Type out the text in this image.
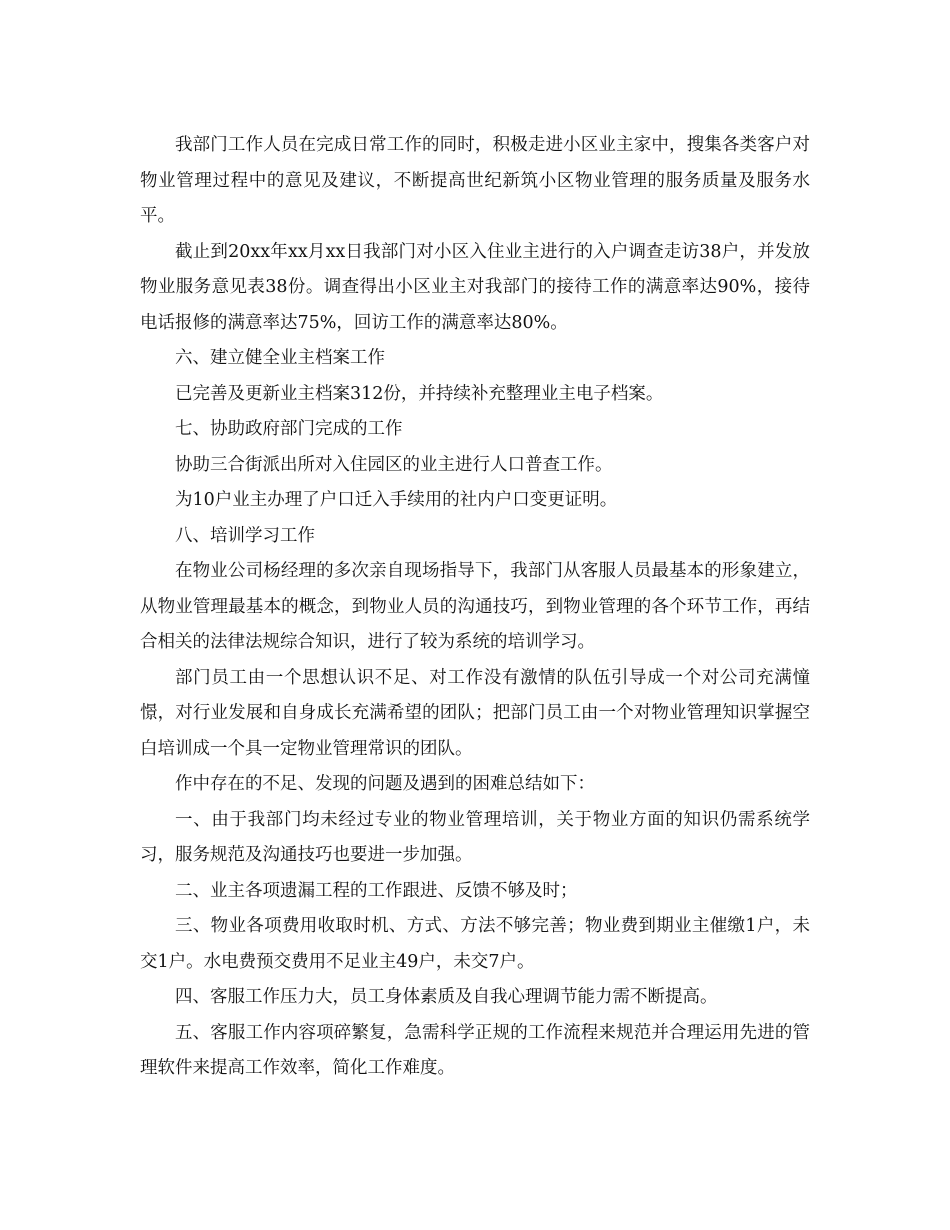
我部门工作人员在完成日常工作的同时，积极走进小区业主家中，搜集各类客户对物业管理过程中的意见及建议，不断提高世纪新筑小区物业管理的服务质量及服务水平。

截止到20xx年xx月xx日我部门对小区入住业主进行的入户调查走访38户，并发放物业服务意见表38份。调查得出小区业主对我部门的接待工作的满意率达90%，接待电话报修的满意率达75%，回访工作的满意率达80%。

六、建立健全业主档案工作

已完善及更新业主档案312份，并持续补充整理业主电子档案。

七、协助政府部门完成的工作

协助三合街派出所对入住园区的业主进行人口普查工作。

为10户业主办理了户口迁入手续用的社内户口变更证明。

八、培训学习工作

在物业公司杨经理的多次亲自现场指导下，我部门从客服人员最基本的形象建立，从物业管理最基本的概念，到物业人员的沟通技巧，到物业管理的各个环节工作，再结合相关的法律法规综合知识，进行了较为系统的培训学习。

部门员工由一个思想认识不足、对工作没有激情的队伍引导成一个对公司充满憧憬，对行业发展和自身成长充满希望的团队；把部门员工由一个对物业管理知识掌握空白培训成一个具一定物业管理常识的团队。

作中存在的不足、发现的问题及遇到的困难总结如下：

一、由于我部门均未经过专业的物业管理培训，关于物业方面的知识仍需系统学习，服务规范及沟通技巧也要进一步加强。

二、业主各项遗漏工程的工作跟进、反馈不够及时；

三、物业各项费用收取时机、方式、方法不够完善；物业费到期业主催缴1户，未交1户。水电费预交费用不足业主49户，未交7户。

四、客服工作压力大，员工身体素质及自我心理调节能力需不断提高。

五、客服工作内容项碎繁复，急需科学正规的工作流程来规范并合理运用先进的管理软件来提高工作效率，简化工作难度。
